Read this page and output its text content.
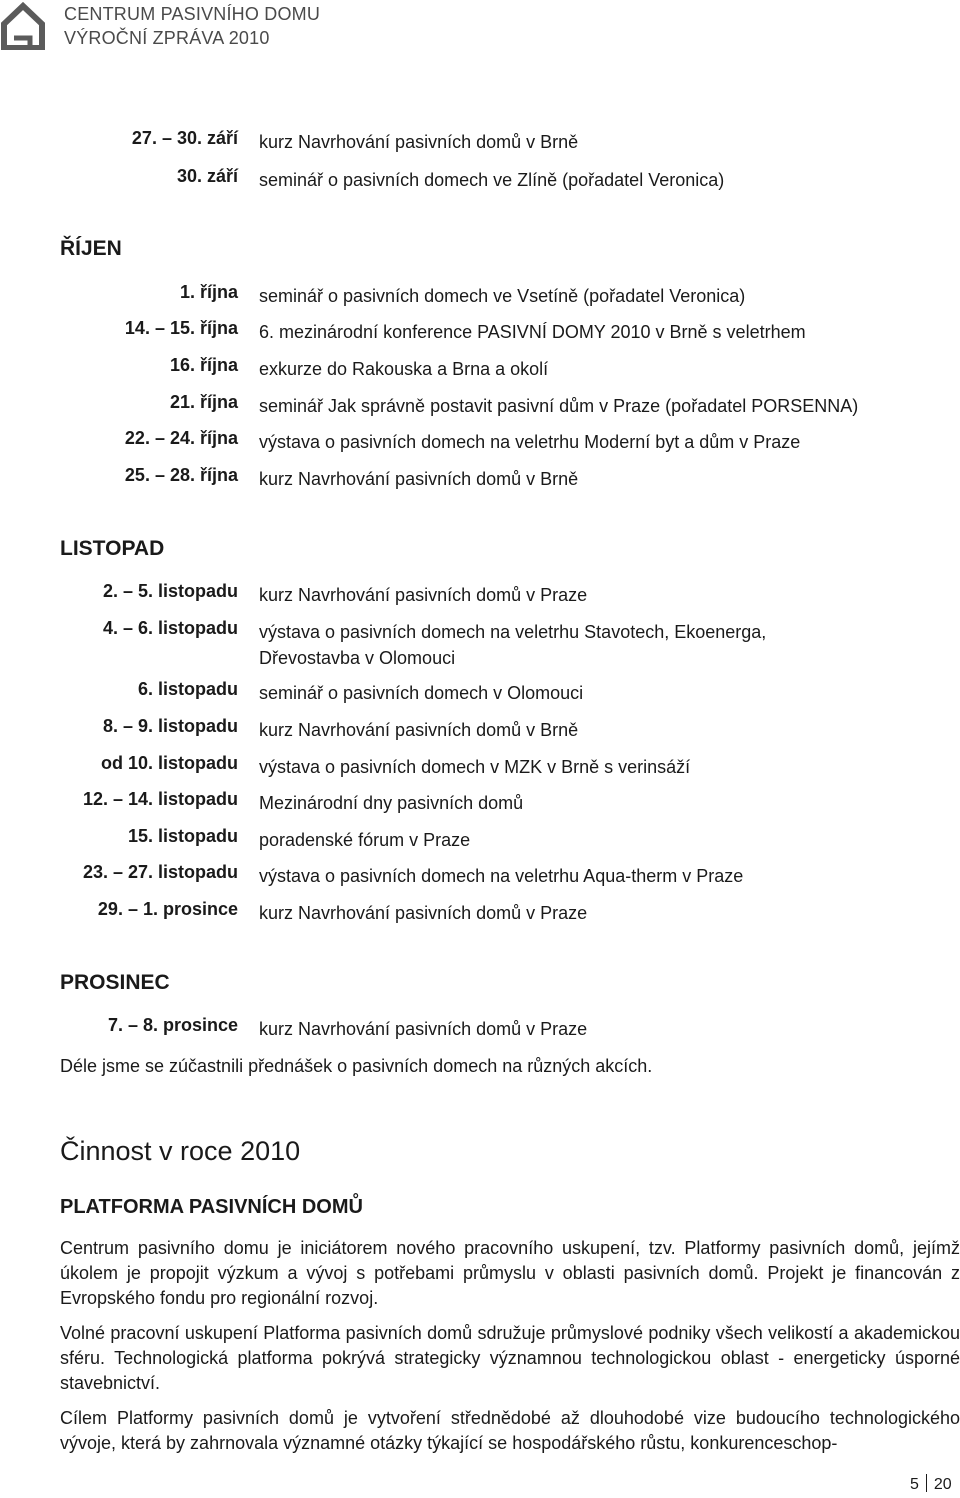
CENTRUM PASIVNÍHO DOMU
VÝROČNÍ ZPRÁVA 2010
27. – 30. září kurz Navrhování pasivních domů v Brně
30. září seminář o pasivních domech ve Zlíně (pořadatel Veronica)
ŘÍJEN
1. října seminář o pasivních domech ve Vsetíně (pořadatel Veronica)
14. – 15. října 6. mezinárodní konference PASIVNÍ DOMY 2010 v Brně s veletrhem
16. října exkurze do Rakouska a Brna a okolí
21. října seminář Jak správně postavit pasivní dům v Praze (pořadatel PORSENNA)
22. – 24. října výstava o pasivních domech na veletrhu Moderní byt a dům v Praze
25. – 28. října kurz Navrhování pasivních domů v Brně
LISTOPAD
2. – 5. listopadu kurz Navrhování pasivních domů v Praze
4. – 6. listopadu výstava o pasivních domech na veletrhu Stavotech, Ekoenerga,
Dřevostavba v Olomouci
6. listopadu seminář o pasivních domech v Olomouci
8. – 9. listopadu kurz Navrhování pasivních domů v Brně
od 10. listopadu výstava o pasivních domech v MZK v Brně s verinsáží
12. – 14. listopadu Mezinárodní dny pasivních domů
15. listopadu poradenské fórum v Praze
23. – 27. listopadu výstava o pasivních domech na veletrhu Aqua-therm v Praze
29. – 1. prosince kurz Navrhování pasivních domů v Praze
PROSINEC
7. – 8. prosince kurz Navrhování pasivních domů v Praze
Déle jsme se zúčastnili přednášek o pasivních domech na různých akcích.
Činnost v roce 2010
PLATFORMA PASIVNÍCH DOMŮ
Centrum pasivního domu je iniciátorem nového pracovního uskupení, tzv. Platformy pasivních domů, jejímž úkolem je propojit výzkum a vývoj s potřebami průmyslu v oblasti pasivních domů. Projekt je financován z Evropského fondu pro regionální rozvoj.
Volné pracovní uskupení Platforma pasivních domů sdružuje průmyslové podniky všech velikostí a akademickou sféru. Technologická platforma pokrývá strategicky významnou technologickou oblast - energeticky úsporné stavebnictví.
Cílem Platformy pasivních domů je vytvoření střednědobé až dlouhodobé vize budoucího technologického vývoje, která by zahrnovala významné otázky týkající se hospodářského růstu, konkurenceschop-
5 20
